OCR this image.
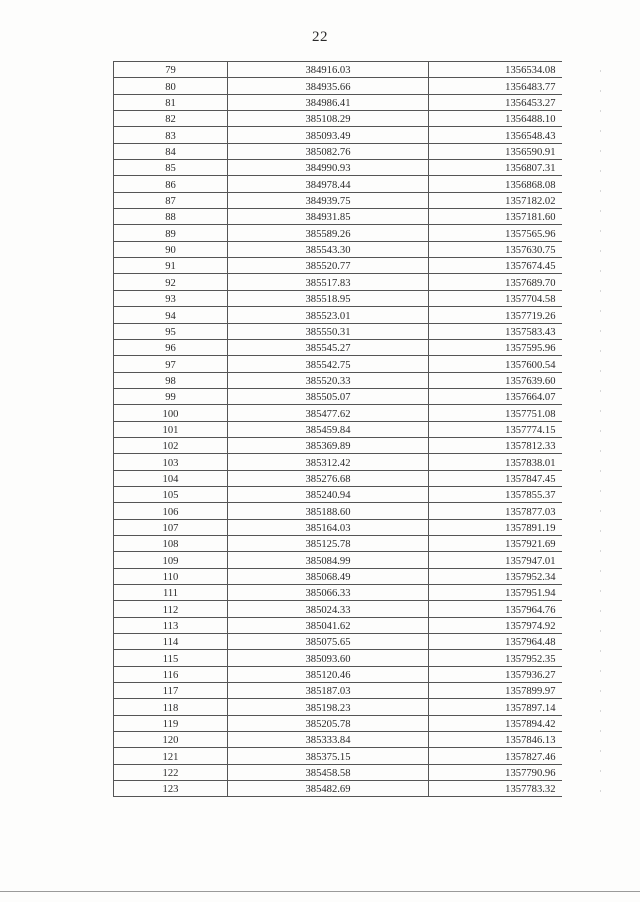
22
79	384916.03	1356534.08
80	384935.66	1356483.77
81	384986.41	1356453.27
82	385108.29	1356488.10
83	385093.49	1356548.43
84	385082.76	1356590.91
85	384990.93	1356807.31
86	384978.44	1356868.08
87	384939.75	1357182.02
88	384931.85	1357181.60
89	385589.26	1357565.96
90	385543.30	1357630.75
91	385520.77	1357674.45
92	385517.83	1357689.70
93	385518.95	1357704.58
94	385523.01	1357719.26
95	385550.31	1357583.43
96	385545.27	1357595.96
97	385542.75	1357600.54
98	385520.33	1357639.60
99	385505.07	1357664.07
100	385477.62	1357751.08
101	385459.84	1357774.15
102	385369.89	1357812.33
103	385312.42	1357838.01
104	385276.68	1357847.45
105	385240.94	1357855.37
106	385188.60	1357877.03
107	385164.03	1357891.19
108	385125.78	1357921.69
109	385084.99	1357947.01
110	385068.49	1357952.34
111	385066.33	1357951.94
112	385024.33	1357964.76
113	385041.62	1357974.92
114	385075.65	1357964.48
115	385093.60	1357952.35
116	385120.46	1357936.27
117	385187.03	1357899.97
118	385198.23	1357897.14
119	385205.78	1357894.42
120	385333.84	1357846.13
121	385375.15	1357827.46
122	385458.58	1357790.96
123	385482.69	1357783.32
